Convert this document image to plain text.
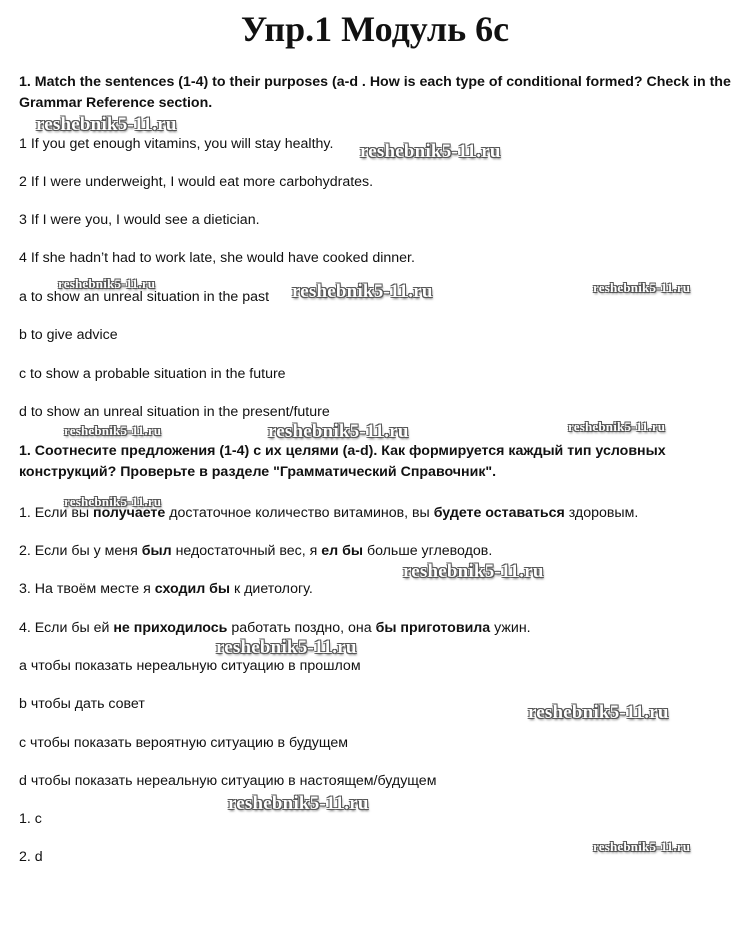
Упр.1 Модуль 6с

1. Match the sentences (1-4) to their purposes (a-d . How is each type of conditional formed? Check in the Grammar Reference section.

1 If you get enough vitamins, you will stay healthy.

2 If I were underweight, I would eat more carbohydrates.

3 If I were you, I would see a dietician.

4 If she hadn’t had to work late, she would have cooked dinner.

a to show an unreal situation in the past

b to give advice

c to show a probable situation in the future

d to show an unreal situation in the present/future

1. Соотнесите предложения (1-4) с их целями (a-d). Как формируется каждый тип условных конструкций? Проверьте в разделе "Грамматический Справочник".

1. Если вы получаете достаточное количество витаминов, вы будете оставаться здоровым.

2. Если бы у меня был недостаточный вес, я ел бы больше углеводов.

3. На твоём месте я сходил бы к диетологу.

4. Если бы ей не приходилось работать поздно, она бы приготовила ужин.

а чтобы показать нереальную ситуацию в прошлом

b чтобы дать совет

с чтобы показать вероятную ситуацию в будущем

d чтобы показать нереальную ситуацию в настоящем/будущем

1. c

2. d

reshebnik5-11.ru
reshebnik5-11.ru
reshebnik5-11.ru	reshebnik5-11.ru	reshebnik5-11.ru
reshebnik5-11.ru	reshebnik5-11.ru	reshebnik5-11.ru
reshebnik5-11.ru
reshebnik5-11.ru
reshebnik5-11.ru
reshebnik5-11.ru
reshebnik5-11.ru
reshebnik5-11.ru
